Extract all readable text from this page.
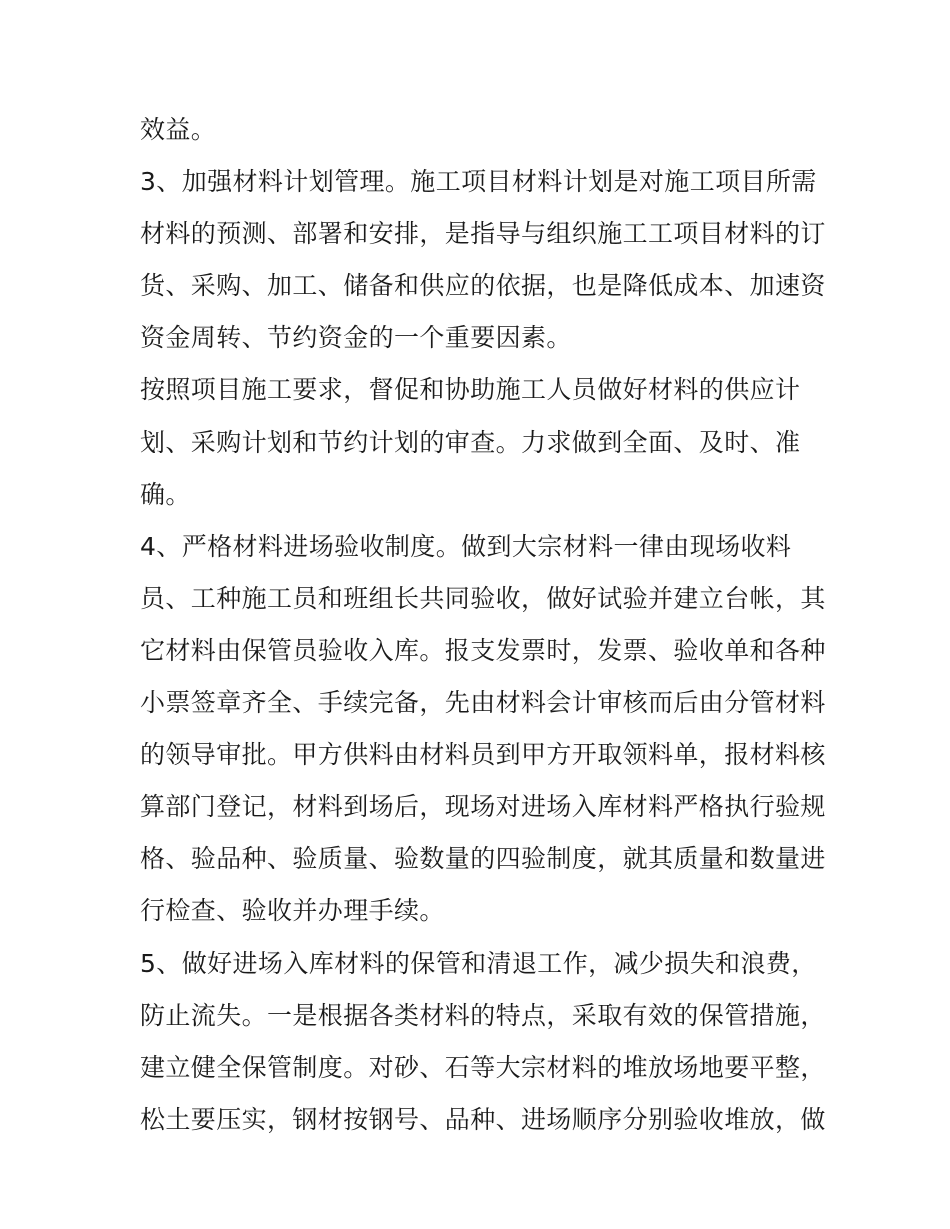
效益。
3、加强材料计划管理。施工项目材料计划是对施工项目所需
材料的预测、部署和安排，是指导与组织施工工项目材料的订
货、采购、加工、储备和供应的依据，也是降低成本、加速资
资金周转、节约资金的一个重要因素。
按照项目施工要求，督促和协助施工人员做好材料的供应计
划、采购计划和节约计划的审查。力求做到全面、及时、准
确。
4、严格材料进场验收制度。做到大宗材料一律由现场收料
员、工种施工员和班组长共同验收，做好试验并建立台帐，其
它材料由保管员验收入库。报支发票时，发票、验收单和各种
小票签章齐全、手续完备，先由材料会计审核而后由分管材料
的领导审批。甲方供料由材料员到甲方开取领料单，报材料核
算部门登记，材料到场后，现场对进场入库材料严格执行验规
格、验品种、验质量、验数量的四验制度，就其质量和数量进
行检查、验收并办理手续。
5、做好进场入库材料的保管和清退工作，减少损失和浪费，
防止流失。一是根据各类材料的特点，采取有效的保管措施，
建立健全保管制度。对砂、石等大宗材料的堆放场地要平整，
松土要压实，钢材按钢号、品种、进场顺序分别验收堆放，做
